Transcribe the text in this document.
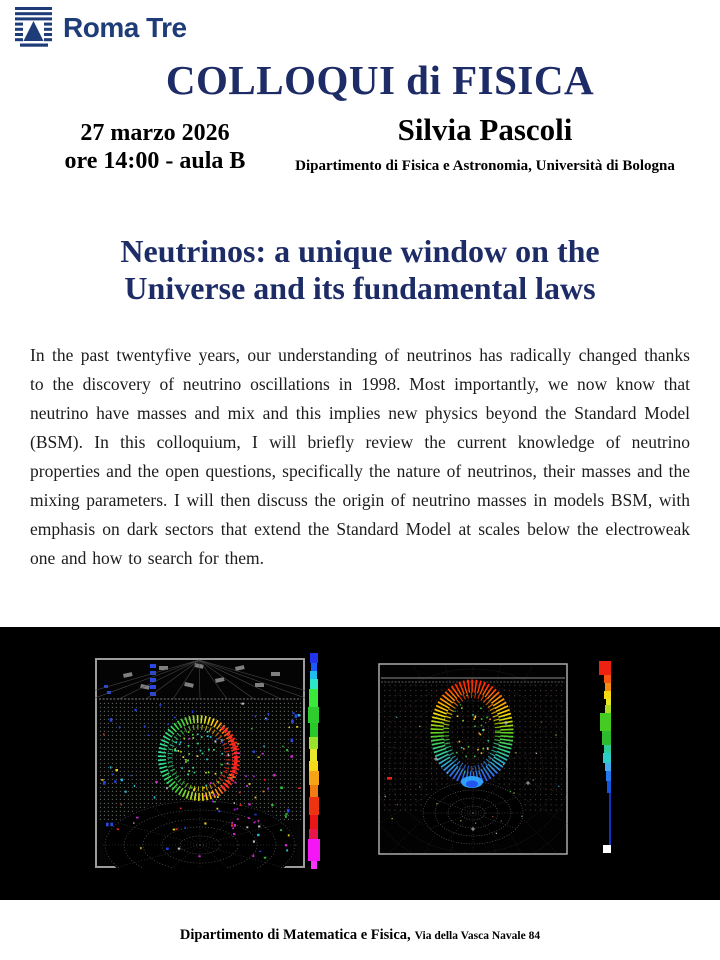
Roma Tre
COLLOQUI di FISICA
27 marzo 2026
ore 14:00 - aula B
Silvia Pascoli
Dipartimento di Fisica e Astronomia, Università di Bologna
Neutrinos: a unique window on the
Universe and its fundamental laws
In the past twentyfive years, our understanding of neutrinos has radically changed thanks to the discovery of neutrino oscillations in 1998. Most importantly, we now know that neutrino have masses and mix and this implies new physics beyond the Standard Model (BSM). In this colloquium, I will briefly review the current knowledge of neutrino properties and the open questions, specifically the nature of neutrinos, their masses and the mixing parameters. I will then discuss the origin of neutrino masses in models BSM, with emphasis on dark sectors that extend the Standard Model at scales below the electroweak one and how to search for them.
Dipartimento di Matematica e Fisica, Via della Vasca Navale 84
